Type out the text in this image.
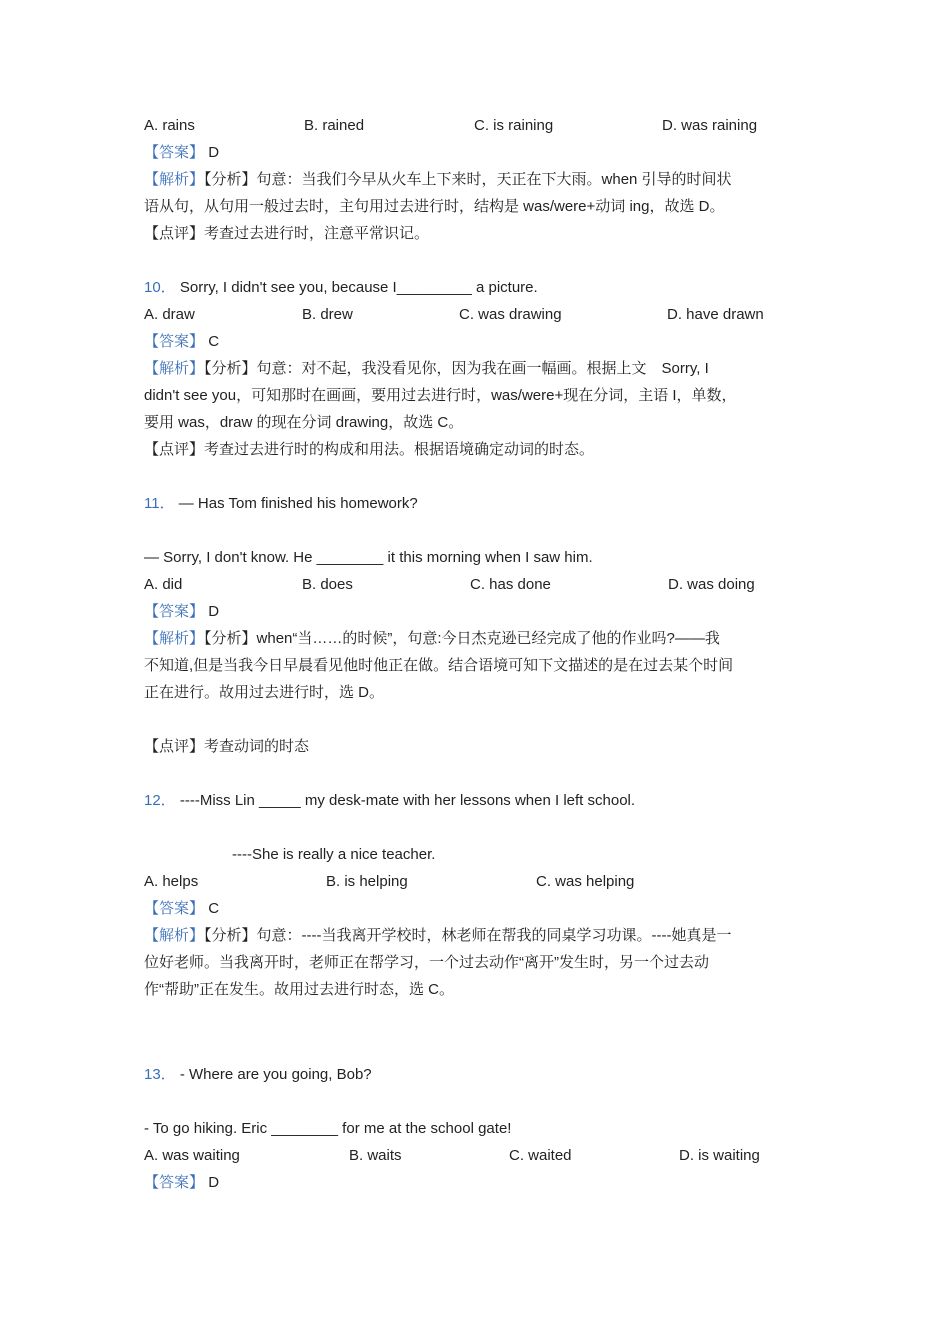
A. rains	B. rained	C. is raining	D. was raining
【答案】 D
【解析】【分析】句意：当我们今早从火车上下来时，天正在下大雨。when 引导的时间状
语从句，从句用一般过去时，主句用过去进行时，结构是 was/were+动词 ing，故选 D。
【点评】考查过去进行时，注意平常识记。
10． Sorry, I didn't see you, because I_________ a picture.
A. draw	B. drew	C. was drawing	D. have drawn
【答案】 C
【解析】【分析】句意：对不起，我没看见你，因为我在画一幅画。根据上文　Sorry, I
didn't see you，可知那时在画画，要用过去进行时，was/were+现在分词，主语 I，单数，
要用 was，draw 的现在分词 drawing，故选 C。
【点评】考查过去进行时的构成和用法。根据语境确定动词的时态。
11． — Has Tom finished his homework?
— Sorry, I don't know. He ________ it this morning when I saw him.
A. did	B. does	C. has done	D. was doing
【答案】 D
【解析】【分析】when“当……的时候”，句意:今日杰克逊已经完成了他的作业吗?——我
不知道,但是当我今日早晨看见他时他正在做。结合语境可知下文描述的是在过去某个时间
正在进行。故用过去进行时，选 D。
【点评】考查动词的时态
12． ----Miss Lin _____ my desk-mate with her lessons when I left school.
----She is really a nice teacher.
A. helps	B. is helping	C. was helping
【答案】 C
【解析】【分析】句意：----当我离开学校时，林老师在帮我的同桌学习功课。----她真是一
位好老师。当我离开时，老师正在帮学习，一个过去动作“离开”发生时，另一个过去动
作“帮助”正在发生。故用过去进行时态，选 C。
13． - Where are you going, Bob?
- To go hiking. Eric ________ for me at the school gate!
A. was waiting	B. waits	C. waited	D. is waiting
【答案】 D
